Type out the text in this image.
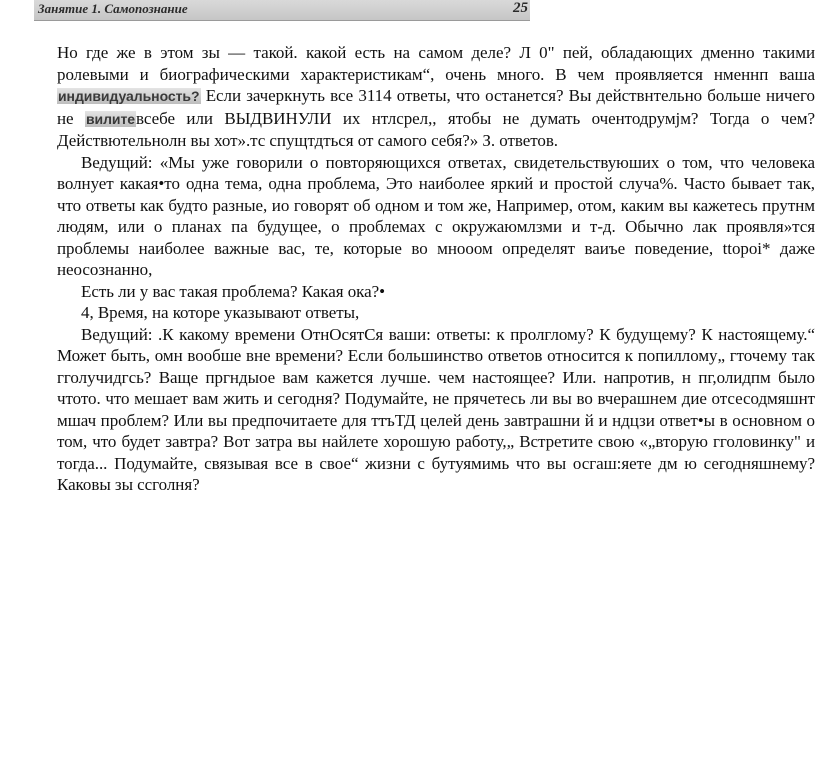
Занятие 1. Самопознание	25

Но где же в этом зы — такой. какой есть на самом деле? Л 0" пей, обладающих дменно такими ролевыми и биографическими характеристикам“, очень много. В чем проявляется нменнп ваша индивидуальность? Если зачеркнуть все 3114 ответы, что останется? Вы действнтельно больше ничего не вилитевсебе или ВЫДВИНУЛИ их нтлсрел,, ятобы не думать очентодрумјм? Тогда о чем? Действютельнолн вы хот».тс спущтдться от самого себя?» З. ответов.

Ведущий: «Мы уже говорили о повторяющихся ответах, свидетельствуюших о том, что человека волнует какая•то одна тема, одна проблема, Это наиболее яркий и простой случа%. Часто бывает так, что ответы как будто разные, ио говорят об одном и том же, Например, отом, каким вы кажетесь прутнм людям, или о планах па будущее, о проблемах с окружаюмлзми и т-д. Обычно лак проявля»тся проблемы наиболее важные вас, те, которые во мнооом определят ваиъе поведение, ttopoi* даже неосознанно,

Есть ли у вас такая проблема? Какая ока?•

4, Время, на которе указывают ответы,

Ведущий: .К какому времени ОтнОсятСя ваши: ответы: к пролглому? К будущему? К настоящему.“ Может быть, омн вообше вне времени? Если большинство ответов относится к попиллому„ гточему так гголучидгсь? Ваще пргндыое вам кажется лучше. чем настоящее? Или. напротив, н пг,олидпм было чтото. что мешает вам жить и сегодня? Подумайте, не прячетесь ли вы во вчерашнем дие отсесодмяшнт мшач проблем? Или вы предпочитаете для ттъТД целей день завтрашни й и ндцзи ответ•ы в основном о том, что будет завтра? Вот затра вы найлете хорошую работу,„ Встретите свою «„вторую гголовинку" и тогда... Подумайте, связывая все в свое“ жизни с бутуямимь что вы осгаш:яете дм ю сегодняшнему? Каковы зы ссголня?
